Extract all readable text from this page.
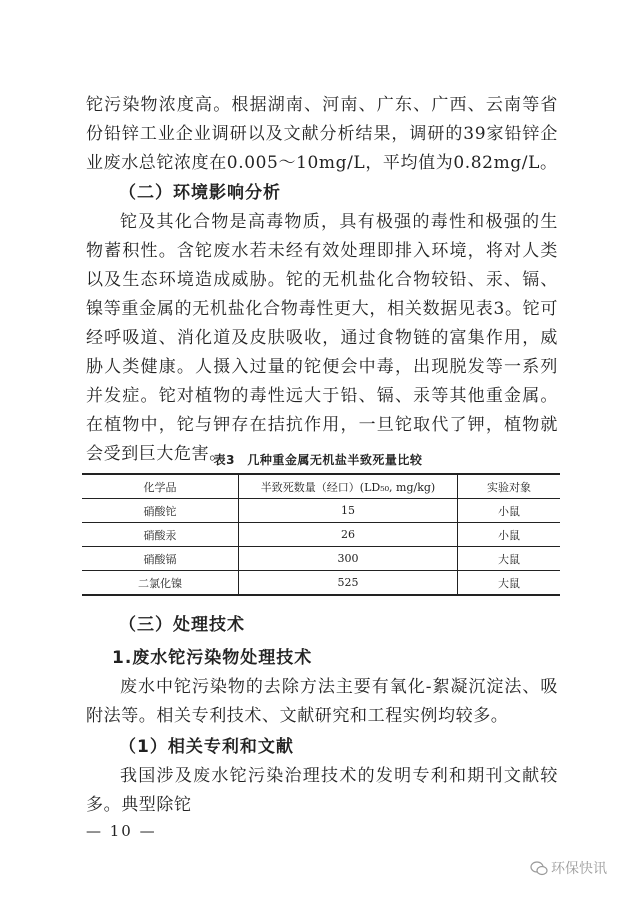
铊污染物浓度高。根据湖南、河南、广东、广西、云南等省份铅锌工业企业调研以及文献分析结果，调研的39家铅锌企业废水总铊浓度在0.005～10mg/L，平均值为0.82mg/L。

（二）环境影响分析

铊及其化合物是高毒物质，具有极强的毒性和极强的生物蓄积性。含铊废水若未经有效处理即排入环境，将对人类以及生态环境造成威胁。铊的无机盐化合物较铅、汞、镉、镍等重金属的无机盐化合物毒性更大，相关数据见表3。铊可经呼吸道、消化道及皮肤吸收，通过食物链的富集作用，威胁人类健康。人摄入过量的铊便会中毒，出现脱发等一系列并发症。铊对植物的毒性远大于铅、镉、汞等其他重金属。在植物中，铊与钾存在拮抗作用，一旦铊取代了钾，植物就会受到巨大危害。

表3　几种重金属无机盐半致死量比较
化学品	半致死数量（经口）(LD₅₀, mg/kg)	实验对象
硝酸铊	15	小鼠
硝酸汞	26	小鼠
硝酸镉	300	大鼠
二氯化镍	525	大鼠
（三）处理技术
1.废水铊污染物处理技术

废水中铊污染物的去除方法主要有氧化-絮凝沉淀法、吸附法等。相关专利技术、文献研究和工程实例均较多。

（1）相关专利和文献

我国涉及废水铊污染治理技术的发明专利和期刊文献较多。典型除铊

— 10 —
环保快讯
